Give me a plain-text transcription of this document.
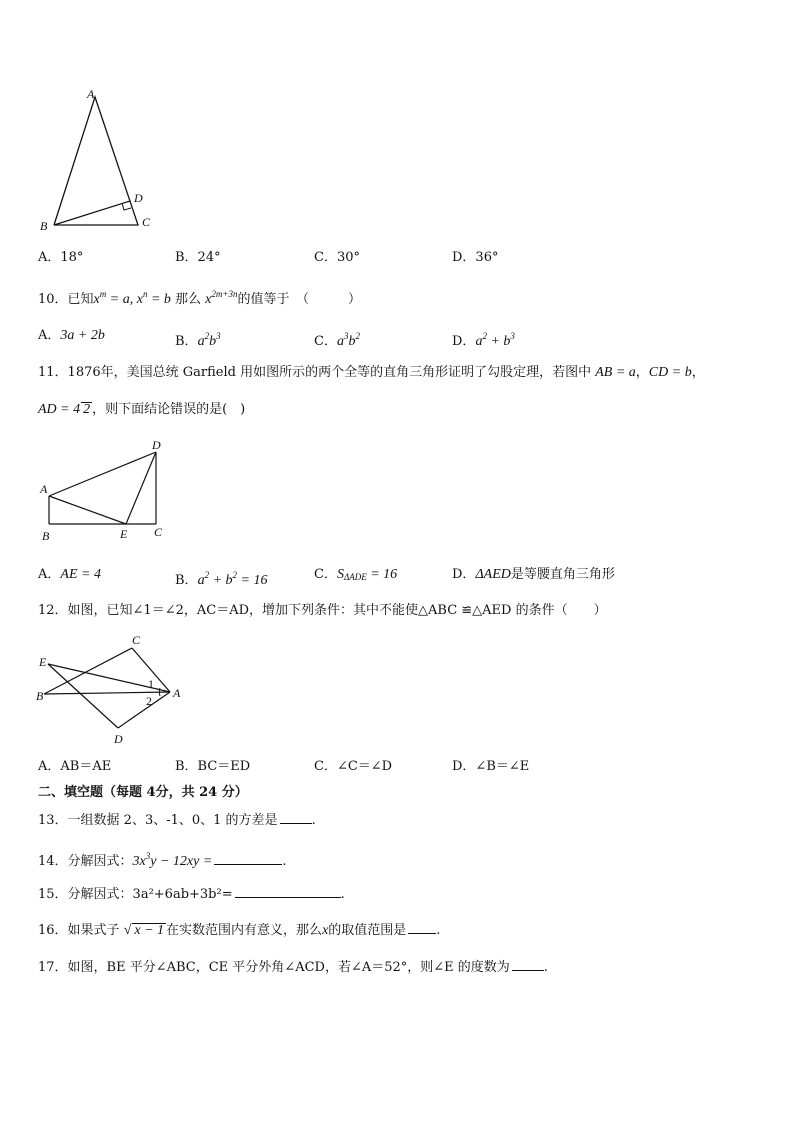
A
B	C
D
A．18°	B．24°	C．30°	D．36°
10．已知$x^m = a$, $x^n = b$ 那么 $x^{2m+3n}$的值等于　（　　　）
A．3a + 2b	B．$a^2b^3$	C．$a^3b^2$	D．$a^2 + b^3$
11．1876年，美国总统 Garfield 用如图所示的两个全等的直角三角形证明了勾股定理，若图中 AB = a，CD = b，
AD = 4 2 ，则下面结论错误的是(　)
A
B	E C
D
A．AE = 4	B．$a^2 + b^2 = 16$	C．$S_{\Delta ADE} = 16$	D．ΔAED是等腰直角三角形
12．如图，已知∠1＝∠2，AC＝AD，增加下列条件：其中不能使△ABC ≌△AED 的条件（　　）
C
E
B	A
D
1
2
A．AB＝AE	B．BC＝ED	C．∠C＝∠D	D．∠B＝∠E
二、填空题（每题 4分，共 24 分）
13．一组数据 2、3、-1、0、1 的方差是	.
14．分解因式：$3x^3y - 12xy$ =	.
15．分解因式：3a²+6ab+3b²=	.
16．如果式子 √ x − 1 在实数范围内有意义，那么x的取值范围是 .
17．如图，BE 平分∠ABC，CE 平分外角∠ACD，若∠A＝52°，则∠E 的度数为	.
